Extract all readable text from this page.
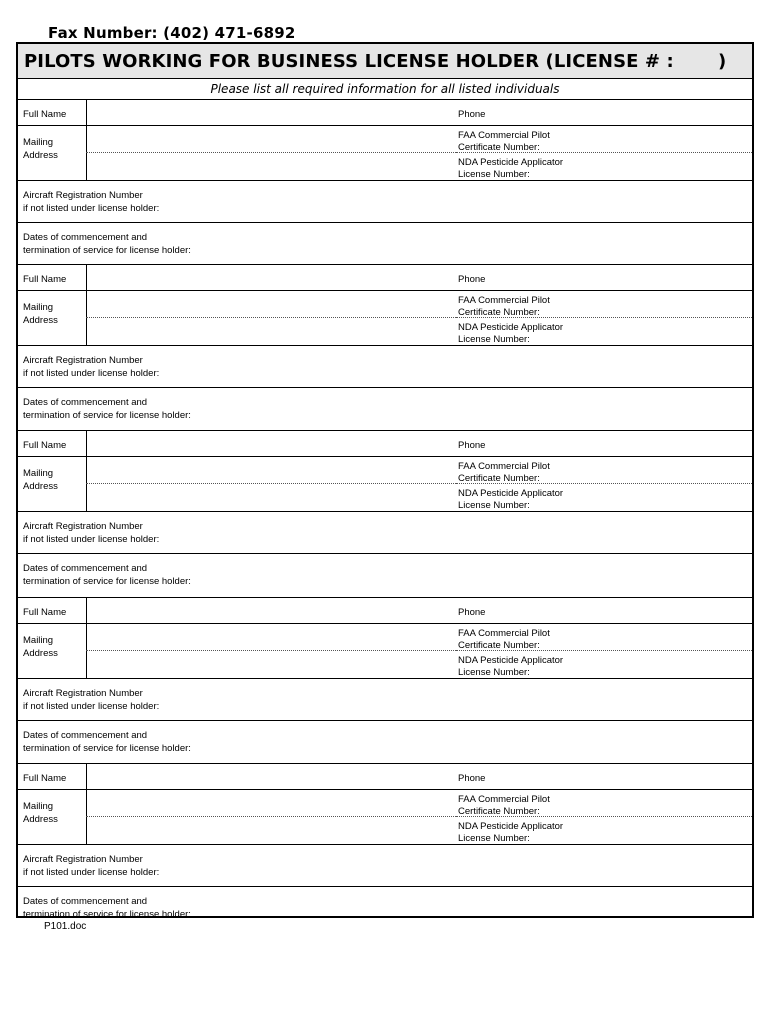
Fax Number: (402) 471-6892
PILOTS WORKING FOR BUSINESS LICENSE HOLDER (LICENSE # : )
Please list all required information for all listed individuals
Full Name	Phone
Mailing
Address
FAA Commercial Pilot
Certificate Number:
NDA Pesticide Applicator
License Number:
Aircraft Registration Number
if not listed under license holder:
Dates of commencement and
termination of service for license holder:
Full Name	Phone
Mailing
Address
FAA Commercial Pilot
Certificate Number:
NDA Pesticide Applicator
License Number:
Aircraft Registration Number
if not listed under license holder:
Dates of commencement and
termination of service for license holder:
Full Name	Phone
Mailing
Address
FAA Commercial Pilot
Certificate Number:
NDA Pesticide Applicator
License Number:
Aircraft Registration Number
if not listed under license holder:
Dates of commencement and
termination of service for license holder:
Full Name	Phone
Mailing
Address
FAA Commercial Pilot
Certificate Number:
NDA Pesticide Applicator
License Number:
Aircraft Registration Number
if not listed under license holder:
Dates of commencement and
termination of service for license holder:
Full Name	Phone
Mailing
Address
FAA Commercial Pilot
Certificate Number:
NDA Pesticide Applicator
License Number:
Aircraft Registration Number
if not listed under license holder:
Dates of commencement and
termination of service for license holder:
P101.doc
